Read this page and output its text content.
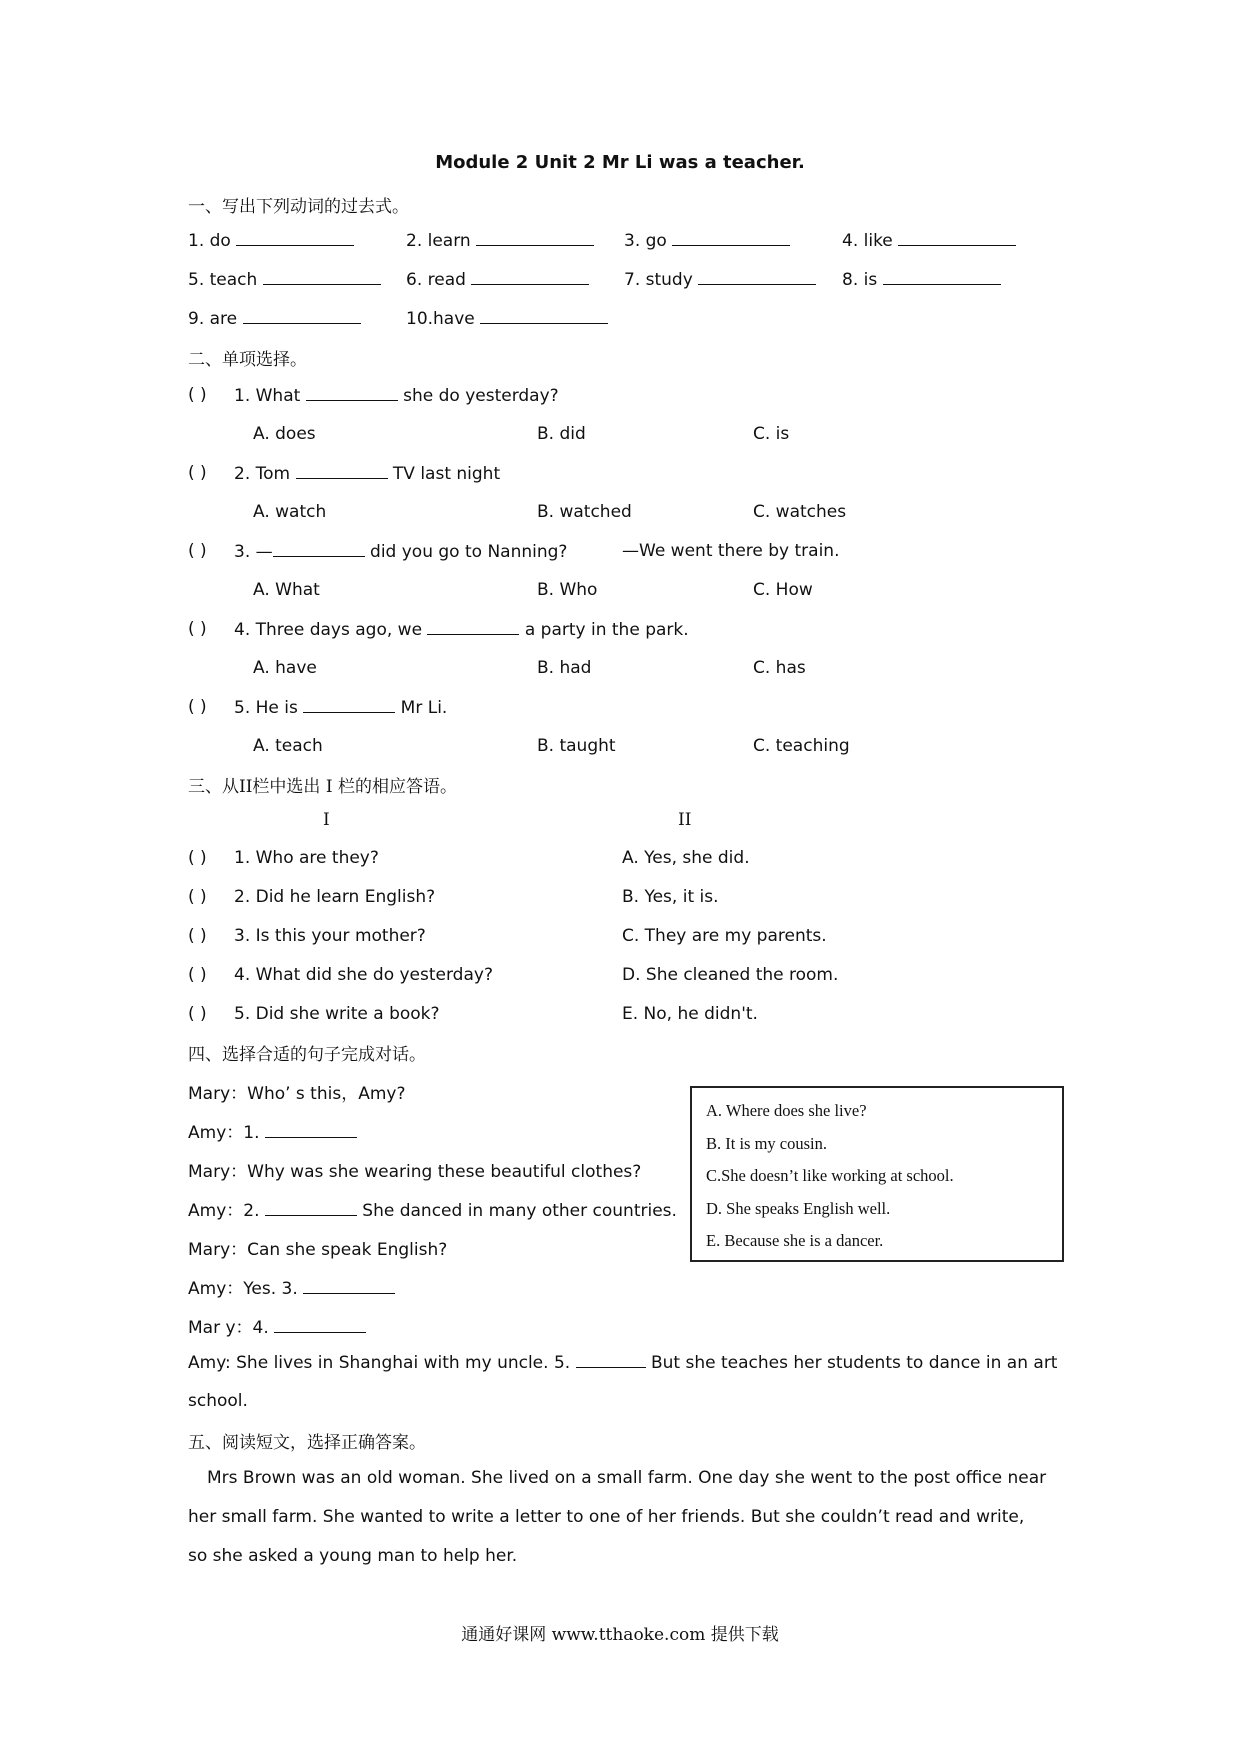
Module 2 Unit 2 Mr Li was a teacher.
一、写出下列动词的过去式。
1. do	2. learn	3. go	4. like
5. teach	6. read	7. study	8. is
9. are	10.have
二、单项选择。
( ) 1. What	she do yesterday?
A. does	B. did	C. is
( ) 2. Tom	TV last night
A. watch	B. watched	C. watches
( ) 3. —	did you go to Nanning?	—We went there by train.
A. What	B. Who	C. How
( ) 4. Three days ago, we	a party in the park.
A. have	B. had	C. has
( ) 5. He is	Mr Li.
A. teach	B. taught	C. teaching
三、从II栏中选出 I 栏的相应答语。
I	II
( ) 1. Who are they?	A. Yes, she did.
( ) 2. Did he learn English?	B. Yes, it is.
( ) 3. Is this your mother?	C. They are my parents.
( ) 4. What did she do yesterday?	D. She cleaned the room.
( ) 5. Did she write a book?	E. No, he didn't.
四、选择合适的句子完成对话。
Mary：Who’ s this，Amy?
Amy：1.
Mary：Why was she wearing these beautiful clothes?
Amy：2.	She danced in many other countries.
Mary：Can she speak English?
Amy：Yes. 3.
Mar y：4.
Amy: She lives in Shanghai with my uncle. 5.	But she teaches her students to dance in an art
school.
A. Where does she live?
B. It is my cousin.
C.She doesn’t like working at school.
D. She speaks English well.
E. Because she is a dancer.
五、阅读短文，选择正确答案。
Mrs Brown was an old woman. She lived on a small farm. One day she went to the post office near
her small farm. She wanted to write a letter to one of her friends. But she couldn’t read and write,
so she asked a young man to help her.
通通好课网 www.tthaoke.com 提供下载
